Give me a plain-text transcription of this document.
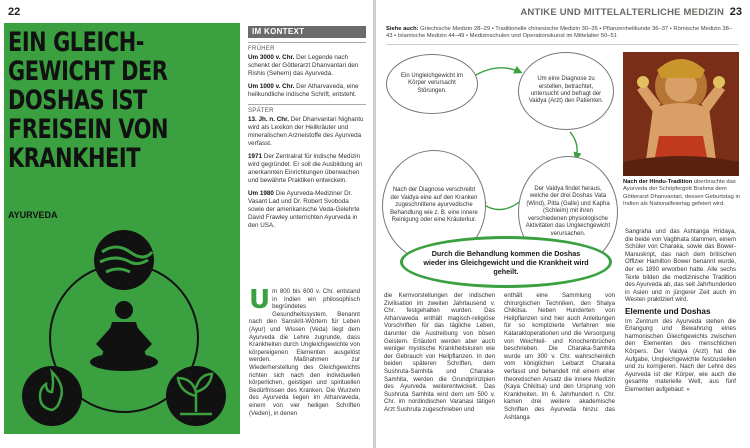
22
EIN GLEICH-
GEWICHT DER
DOSHAS IST
FREISEIN VON
KRANKHEIT
AYURVEDA
IM KONTEXT
FRÜHER

Um 3000 v. Chr. Der Legende nach schenkt der Götterarzt Dhanvantari den Rishis (Sehern) das Ayurveda.

Um 1000 v. Chr. Der Atharvaveda, eine heilkundliche indische Schrift, entsteht.

SPÄTER

13. Jh. n. Chr. Der Dhanvantari Nighantu wird als Lexikon der Heilkräuter und mineralischen Arzneistoffe des Ayurveda verfasst.

1971 Der Zentralrat für indische Medizin wird gegründet. Er soll die Ausbildung an anerkannten Einrichtungen überwachen und bewährte Praktiken entwickeln.

Um 1980 Die Ayurveda-Mediziner Dr. Vasant Lad und Dr. Robert Svoboda sowie der amerikanische Veda-Gelehrte David Frawley unterrichten Ayurveda in den USA.

Um 800 bis 600 v. Chr. entstand in Indien ein philosophisch begründetes Gesundheitssystem. Benannt nach den Sanskrit-Wörtern für Leben (Ayur) und Wissen (Veda) liegt dem Ayurveda die Lehre zugrunde, dass Krankheiten durch Ungleichgewichte von körpereigenen Elementen ausgelöst werden. Maßnahmen zur Wiederherstellung des Gleichgewichts richten sich nach den individuellen körperlichen, geistigen und spirituellen Bedürfnissen des Kranken. Die Wurzeln des Ayurveda liegen im Atharvaveda, einem von vier heiligen Schriften (Veden), in denen
ANTIKE UND MITTELALTERLICHE MEDIZIN 23
Siehe auch: Griechische Medizin 28–29 • Traditionelle chinesische Medizin 30–35 • Pflanzenheilkunde 36–37 • Römische Medizin 38–43 • Islamische Medizin 44–49 • Medizinschulen und Operationskunst im Mittelalter 50–51
Ein Ungleichgewicht im Körper verursacht Störungen.
Um eine Diagnose zu erstellen, betrachtet, untersucht und befragt der Vaidya (Arzt) den Patienten.
Der Vaidya findet heraus, welche der drei Doshas Vata (Wind), Pitta (Galle) und Kapha (Schleim) mit ihren verschiedenen physiologische Aktivitäten das Ungleichgewicht verursachen.
Nach der Diagnose verschreibt der Vaidya eine auf den Kranken zugeschnittene ayurvedische Behandlung wie z. B. eine innere Reinigung oder eine Kräuterkur.
Durch die Behandlung kommen die Doshas wieder ins Gleichgewicht und die Krankheit wird geheilt.
Nach der Hindu-Tradition überbrachte das Ayurveda der Schöpfergott Brahma dem Götterarzt Dhanvantari, dessen Geburtstag in Indien als Nationalfeiertag gefeiert wird.
Sangraha und das Ashtanga Hridaya, die beide von Vagbhata stammen, einem Schüler von Charaka, sowie das Bower-Manuskript, das nach dem britischen Offizier Hamilton Bower benannt wurde, der es 1890 erworben hatte. Alle sechs Texte bilden die medizinische Tradition des Ayurveda ab, das seit Jahrhunderten in Asien und in jüngerer Zeit auch im Westen praktiziert wird.
Elemente und Doshas
Im Zentrum des Ayurveda stehen die Erlangung und Bewahrung eines harmonischen Gleichgewichts zwischen den Elementen des menschlichen Körpers. Der Vaidya (Arzt) hat die Aufgabe, Ungleichgewichte festzustellen und zu korrigieren. Nach der Lehre des Ayurveda ist der Körper, wie auch die gesamte materielle Welt, aus fünf Elementen aufgebaut: »
die Kernvorstellungen der indischen Zivilisation im zweiten Jahrtausend v. Chr. festgehalten wurden. Das Atharvaveda enthält magisch-religiöse Vorschriften für das tägliche Leben, darunter die Austreibung von bösen Geistern. Erläutert werden aber auch weniger mystische Krankheitskuren wie der Gebrauch von Heilpflanzen. In den beiden späteren Schriften, dem Sushruta-Samhita und Charaka-Samhita, werden die Grundprinzipien des Ayurveda weiterentwickelt. Das Sushruta Samhita wird dem um 500 v. Chr. im nordindischen Varanasi tätigen Arzt Sushruta zugeschrieben und
enthält eine Sammlung von chirurgischen Techniken, den Shalya Chikitsa. Neben Hunderten von Heilpflanzen sind hier auch Anleitungen für so komplizierte Verfahren wie Kataraktoperationen und die Versorgung von Weichteil- und Knochenbrüchen beschrieben. Die Charaka-Samhita wurde um 300 v. Chr. wahrscheinlich vom königlichen Leibarzt Charaka verfasst und behandelt mit einem eher theoretischen Ansatz die innere Medizin (Kaya Chikitsa) und den Ursprung von Krankheiten. Im 6. Jahrhundert n. Chr. kamen drei weitere akademische Schriften des Ayurveda hinzu: das Ashtanga
